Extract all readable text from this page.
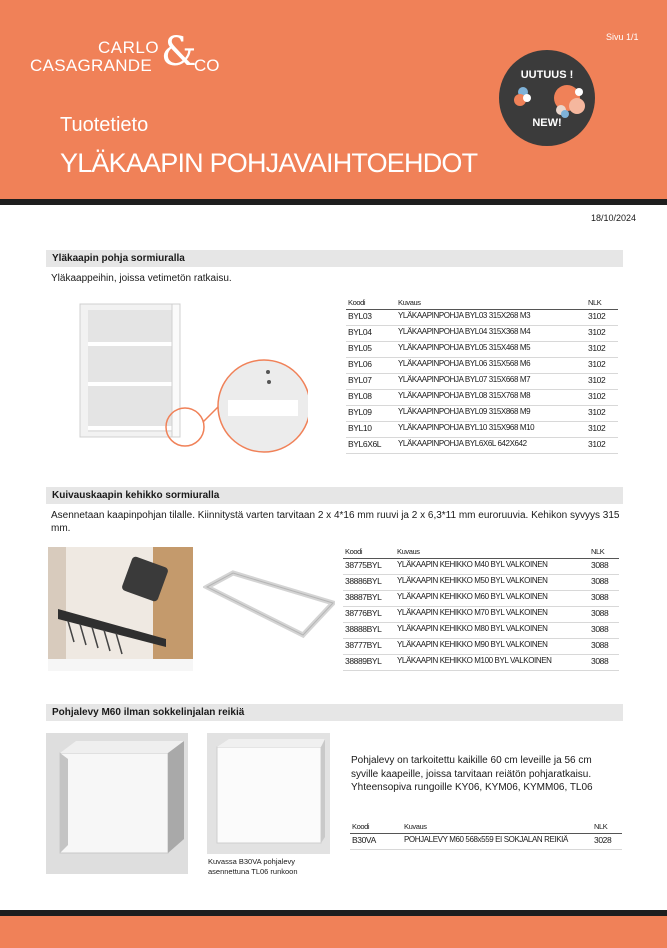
CARLO
CASAGRANDE &
CO
Sivu 1/1
Tuotetieto
YLÄKAAPIN POHJAVAIHTOEHDOT
UUTUUS !
NEW!
18/10/2024
Yläkaapin pohja sormiuralla
Yläkaappeihin, joissa vetimetön ratkaisu.
Koodi	Kuvaus	NLK
BYL03	YLÄKAAPINPOHJA BYL03 315X268 M3	3102
BYL04	YLÄKAAPINPOHJA BYL04 315X368 M4	3102
BYL05	YLÄKAAPINPOHJA BYL05 315X468 M5	3102
BYL06	YLÄKAAPINPOHJA BYL06 315X568 M6	3102
BYL07	YLÄKAAPINPOHJA BYL07 315X668 M7	3102
BYL08	YLÄKAAPINPOHJA BYL08 315X768 M8	3102
BYL09	YLÄKAAPINPOHJA BYL09 315X868 M9	3102
BYL10	YLÄKAAPINPOHJA BYL10 315X968 M10	3102
BYL6X6L	YLÄKAAPINPOHJA BYL6X6L 642X642	3102
Kuivauskaapin kehikko sormiuralla
Asennetaan kaapinpohjan tilalle. Kiinnitystä varten tarvitaan 2 x 4*16 mm ruuvi ja 2 x 6,3*11 mm euroruuvia. Kehikon syvyys 315 mm.
Koodi	Kuvaus	NLK
38775BYL	YLÄKAAPIN KEHIKKO M40 BYL VALKOINEN	3088
38886BYL	YLÄKAAPIN KEHIKKO M50 BYL VALKOINEN	3088
38887BYL	YLÄKAAPIN KEHIKKO M60 BYL VALKOINEN	3088
38776BYL	YLÄKAAPIN KEHIKKO M70 BYL VALKOINEN	3088
38888BYL	YLÄKAAPIN KEHIKKO M80 BYL VALKOINEN	3088
38777BYL	YLÄKAAPIN KEHIKKO M90 BYL VALKOINEN	3088
38889BYL	YLÄKAAPIN KEHIKKO M100 BYL VALKOINEN	3088
Pohjalevy M60 ilman sokkelinjalan reikiä
Kuvassa B30VA pohjalevy asennettuna TL06 runkoon
Pohjalevy on tarkoitettu kaikille 60 cm leveille ja 56 cm syville kaapeille, joissa tarvitaan reiätön pohjaratkaisu. Yhteensopiva rungoille KY06, KYM06, KYMM06, TL06
Koodi	Kuvaus	NLK
B30VA	POHJALEVY M60 568x559 EI SOKJALAN REIKIÄ	3028
